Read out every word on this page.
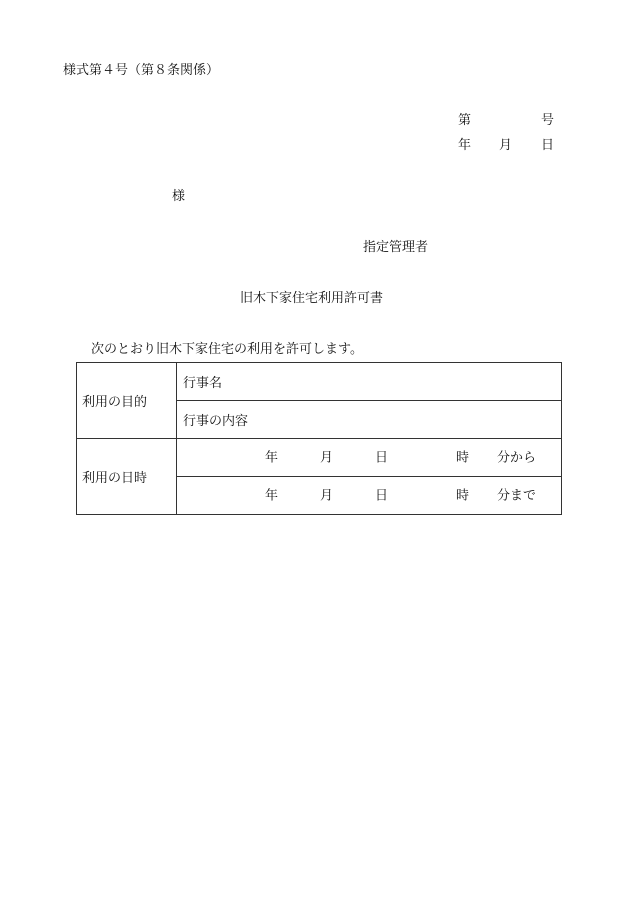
様式第４号（第８条関係）
第	号
年 月 日
様
指定管理者
旧木下家住宅利用許可書
次のとおり旧木下家住宅の利用を許可します。
利用の目的	行事名
	行事の内容
利用の日時	年 月 日 時 分から

	年 月 日 時 分まで
